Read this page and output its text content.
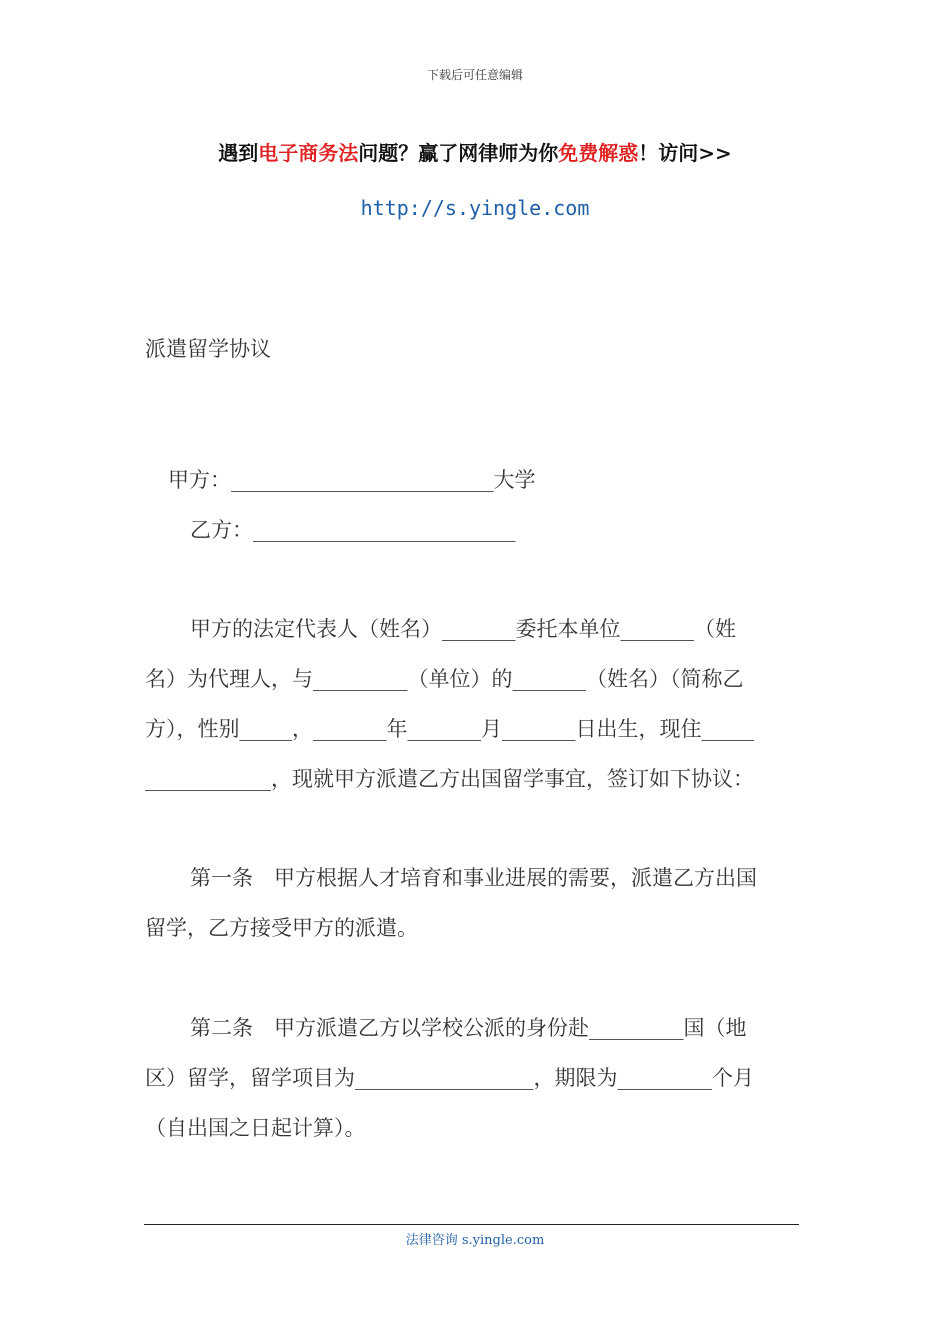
下载后可任意编辑
遇到电子商务法问题？赢了网律师为你免费解惑！访问>>
http://s.yingle.com
派遣留学协议
甲方：_________________________大学
乙方：_________________________
甲方的法定代表人（姓名）_______委托本单位_______（姓
名）为代理人，与_________（单位）的_______（姓名）（简称乙
方），性别_____，_______年_______月_______日出生，现住_____
____________，现就甲方派遣乙方出国留学事宜，签订如下协议：
第一条　甲方根据人才培育和事业进展的需要，派遣乙方出国
留学，乙方接受甲方的派遣。
第二条　甲方派遣乙方以学校公派的身份赴_________国（地
区）留学，留学项目为_________________，期限为_________个月
（自出国之日起计算）。
法律咨询 s.yingle.com
